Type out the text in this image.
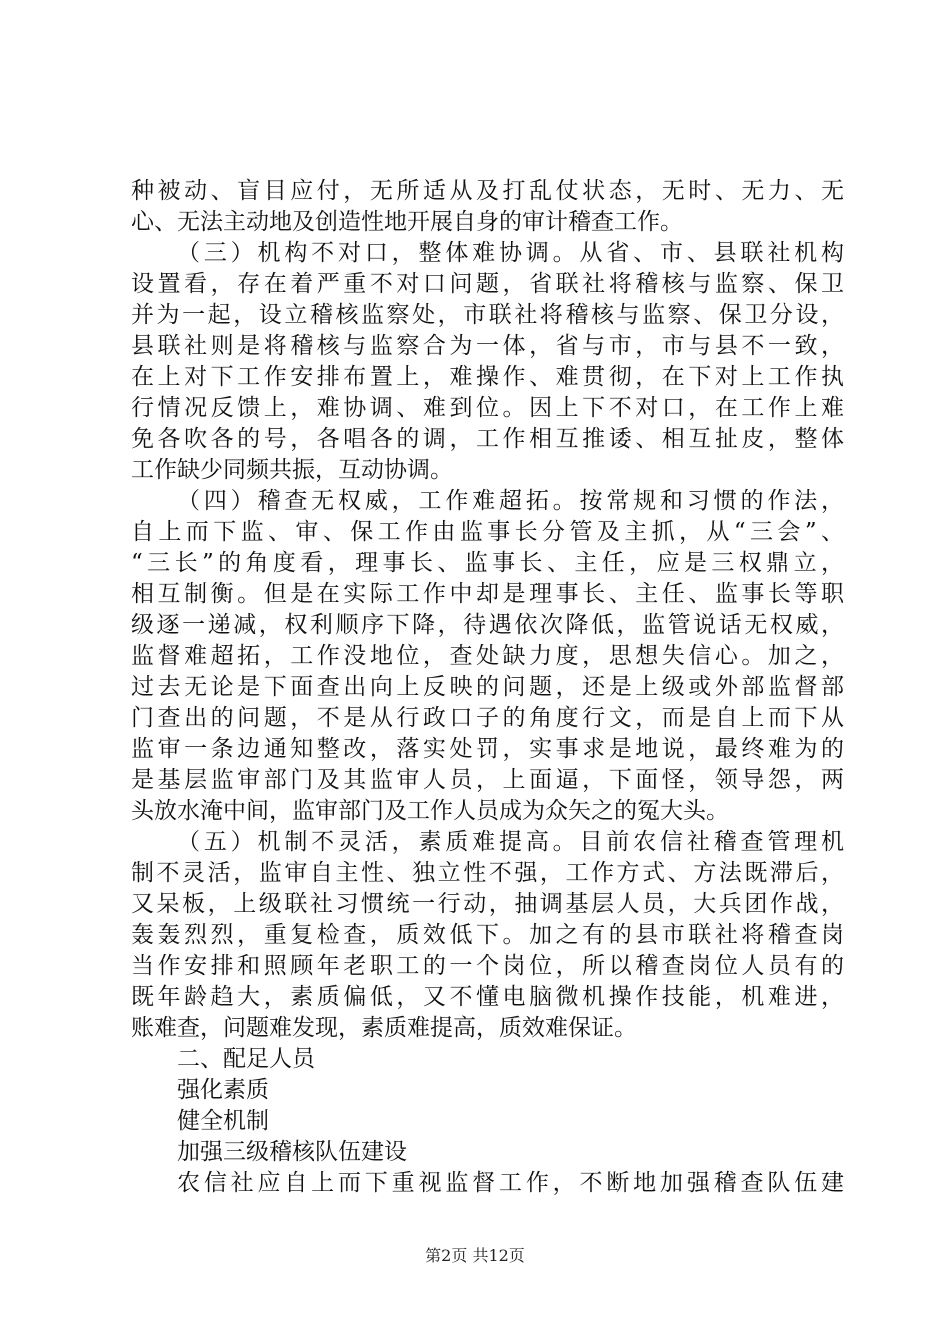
种被动、盲目应付，无所适从及打乱仗状态，无时、无力、无
心、无法主动地及创造性地开展自身的审计稽查工作。
（三）机构不对口，整体难协调。从省、市、县联社机构
设置看，存在着严重不对口问题，省联社将稽核与监察、保卫
并为一起，设立稽核监察处，市联社将稽核与监察、保卫分设，
县联社则是将稽核与监察合为一体，省与市，市与县不一致，
在上对下工作安排布置上，难操作、难贯彻，在下对上工作执
行情况反馈上，难协调、难到位。因上下不对口，在工作上难
免各吹各的号，各唱各的调，工作相互推诿、相互扯皮，整体
工作缺少同频共振，互动协调。
（四）稽查无权威，工作难超拓。按常规和习惯的作法，
自上而下监、审、保工作由监事长分管及主抓，从“三会”、
“三长”的角度看，理事长、监事长、主任，应是三权鼎立，
相互制衡。但是在实际工作中却是理事长、主任、监事长等职
级逐一递减，权利顺序下降，待遇依次降低，监管说话无权威，
监督难超拓，工作没地位，查处缺力度，思想失信心。加之，
过去无论是下面查出向上反映的问题，还是上级或外部监督部
门查出的问题，不是从行政口子的角度行文，而是自上而下从
监审一条边通知整改，落实处罚，实事求是地说，最终难为的
是基层监审部门及其监审人员，上面逼，下面怪，领导怨，两
头放水淹中间，监审部门及工作人员成为众矢之的冤大头。
（五）机制不灵活，素质难提高。目前农信社稽查管理机
制不灵活，监审自主性、独立性不强，工作方式、方法既滞后，
又呆板，上级联社习惯统一行动，抽调基层人员，大兵团作战，
轰轰烈烈，重复检查，质效低下。加之有的县市联社将稽查岗
当作安排和照顾年老职工的一个岗位，所以稽查岗位人员有的
既年龄趋大，素质偏低，又不懂电脑微机操作技能，机难进，
账难查，问题难发现，素质难提高，质效难保证。
二、配足人员
强化素质
健全机制
加强三级稽核队伍建设
农信社应自上而下重视监督工作，不断地加强稽查队伍建
第2页 共12页
